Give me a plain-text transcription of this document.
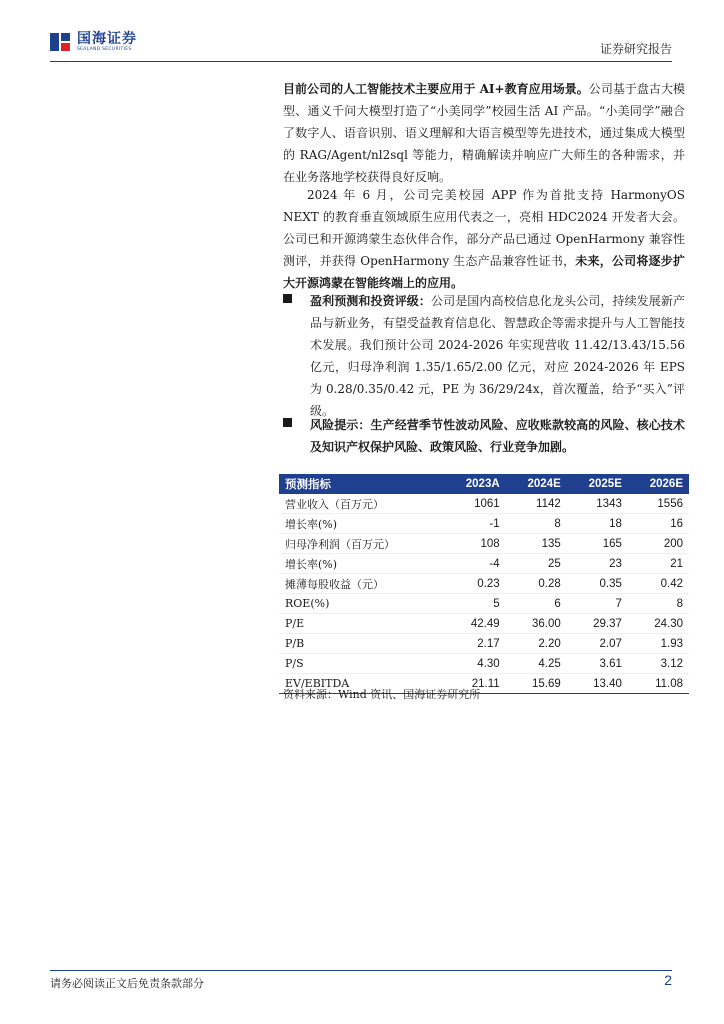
国海证券
SEALAND SECURITIES	证券研究报告

目前公司的人工智能技术主要应用于 AI+教育应用场景。公司基于盘古大模型、通义千问大模型打造了“小美同学”校园生活 AI 产品。“小美同学”融合了数字人、语音识别、语义理解和大语言模型等先进技术，通过集成大模型的 RAG/Agent/nl2sql 等能力，精确解读并响应广大师生的各种需求，并在业务落地学校获得良好反响。

2024 年 6 月，公司完美校园 APP 作为首批支持 HarmonyOS NEXT 的教育垂直领域原生应用代表之一，亮相 HDC2024 开发者大会。公司已和开源鸿蒙生态伙伴合作，部分产品已通过 OpenHarmony 兼容性测评，并获得 OpenHarmony 生态产品兼容性证书，未来，公司将逐步扩大开源鸿蒙在智能终端上的应用。

盈利预测和投资评级：公司是国内高校信息化龙头公司，持续发展新产品与新业务，有望受益教育信息化、智慧政企等需求提升与人工智能技术发展。我们预计公司 2024-2026 年实现营收 11.42/13.43/15.56 亿元，归母净利润 1.35/1.65/2.00 亿元，对应 2024-2026 年 EPS 为 0.28/0.35/0.42 元，PE 为 36/29/24x，首次覆盖，给予“买入”评级。
风险提示：生产经营季节性波动风险、应收账款较高的风险、核心技术及知识产权保护风险、政策风险、行业竞争加剧。
预测指标	2023A	2024E	2025E	2026E
营业收入（百万元）	1061	1142	1343	1556
增长率(%)	-1	8	18	16
归母净利润（百万元）	108	135	165	200
增长率(%)	-4	25	23	21
摊薄每股收益（元）	0.23	0.28	0.35	0.42
ROE(%)	5	6	7	8
P/E	42.49	36.00	29.37	24.30
P/B	2.17	2.20	2.07	1.93
P/S	4.30	4.25	3.61	3.12
EV/EBITDA	21.11	15.69	13.40	11.08
资料来源：Wind 资讯、国海证券研究所
请务必阅读正文后免责条款部分	2
